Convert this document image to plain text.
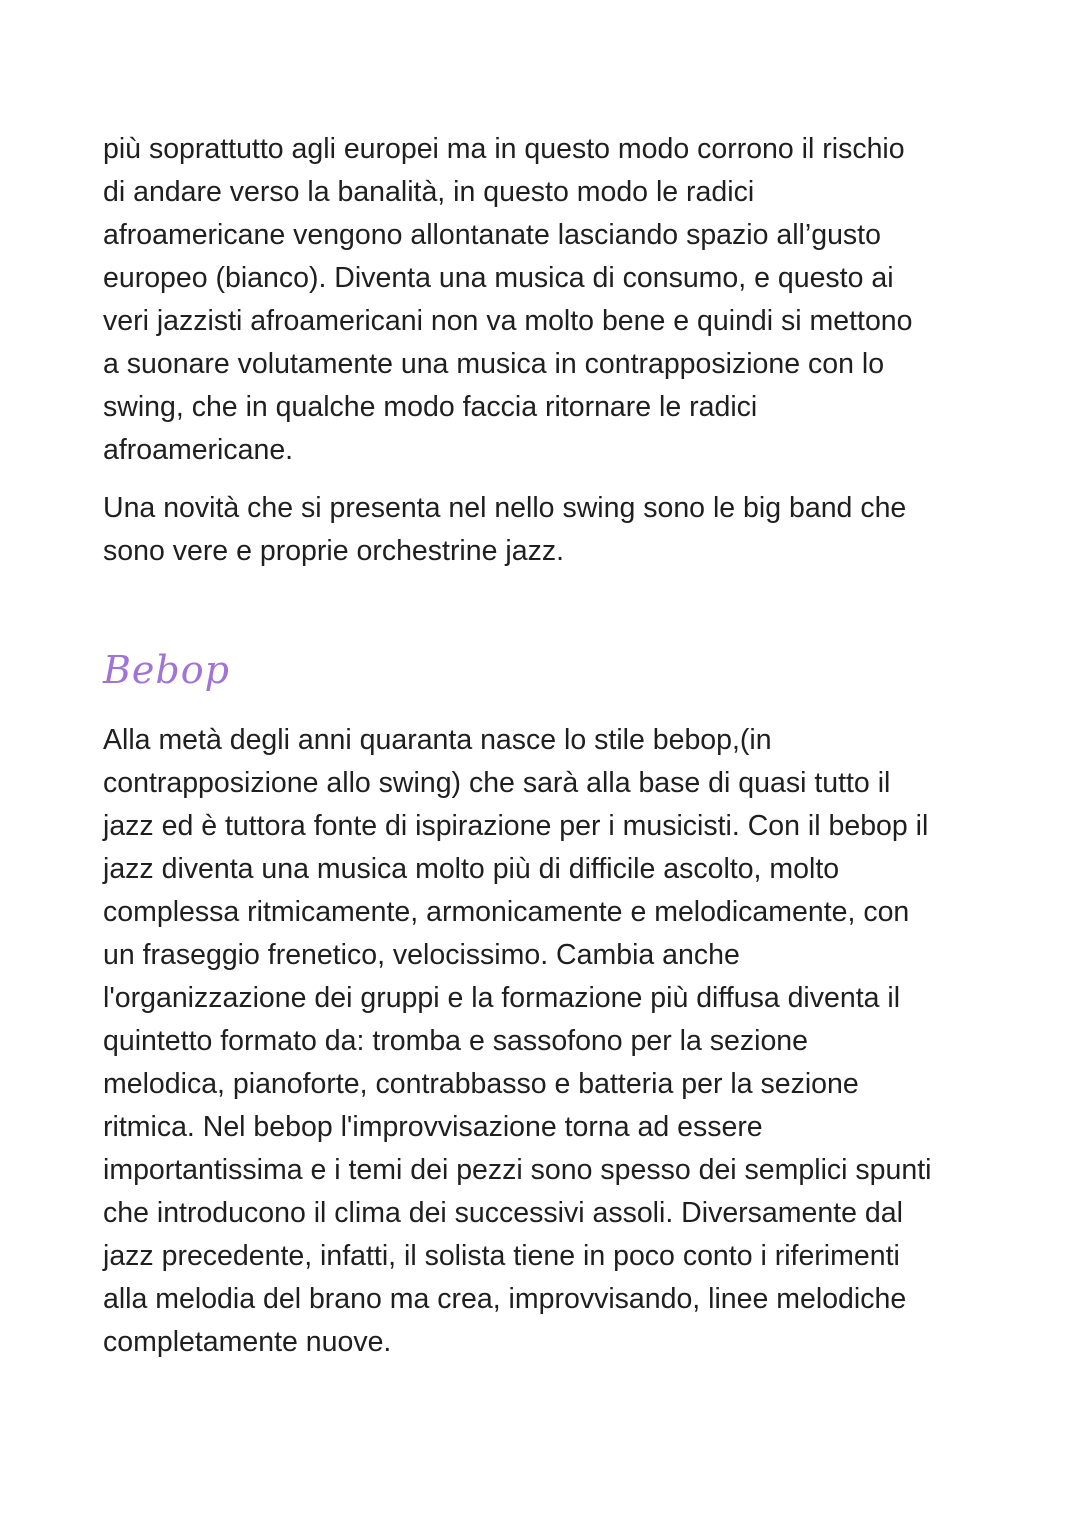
più soprattutto agli europei ma in questo modo corrono il rischio
di andare verso la banalità, in questo modo le radici
afroamericane vengono allontanate lasciando spazio all’gusto
europeo (bianco). Diventa una musica di consumo, e questo ai
veri jazzisti afroamericani non va molto bene e quindi si mettono
a suonare volutamente una musica in contrapposizione con lo
swing, che in qualche modo faccia ritornare le radici
afroamericane.

Una novità che si presenta nel nello swing sono le big band che
sono vere e proprie orchestrine jazz.

Bebop

Alla metà degli anni quaranta nasce lo stile bebop,(in
contrapposizione allo swing) che sarà alla base di quasi tutto il
jazz ed è tuttora fonte di ispirazione per i musicisti. Con il bebop il
jazz diventa una musica molto più di difficile ascolto, molto
complessa ritmicamente, armonicamente e melodicamente, con
un fraseggio frenetico, velocissimo. Cambia anche
l'organizzazione dei gruppi e la formazione più diffusa diventa il
quintetto formato da: tromba e sassofono per la sezione
melodica, pianoforte, contrabbasso e batteria per la sezione
ritmica. Nel bebop l'improvvisazione torna ad essere
importantissima e i temi dei pezzi sono spesso dei semplici spunti
che introducono il clima dei successivi assoli. Diversamente dal
jazz precedente, infatti, il solista tiene in poco conto i riferimenti
alla melodia del brano ma crea, improvvisando, linee melodiche
completamente nuove.
